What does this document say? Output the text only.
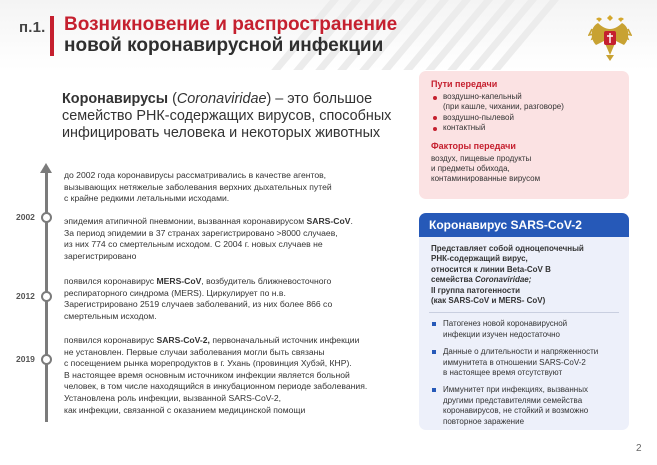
п.1. Возникновение и распространение
новой коронавирусной инфекции
Коронавирусы (Coronaviridae) – это большое семейство РНК-содержащих вирусов, способных инфицировать человека и некоторых животных
2002
2012
2019
до 2002 года коронавирусы рассматривались в качестве агентов,
вызывающих нетяжелые заболевания верхних дыхательных путей
с крайне редкими летальными исходами.
эпидемия атипичной пневмонии, вызванная коронавирусом SARS-CoV.
За период эпидемии в 37 странах зарегистрировано >8000 случаев,
из них 774 со смертельным исходом. С 2004 г. новых случаев не
зарегистрировано
появился коронавирус MERS-CoV, возбудитель ближневосточного
респираторного синдрома (MERS). Циркулирует по н.в.
Зарегистрировано 2519 случаев заболеваний, из них более 866 со
смертельным исходом.
появился коронавирус SARS-CoV-2, первоначальный источник инфекции
не установлен. Первые случаи заболевания могли быть связаны
с посещением рынка морепродуктов в г. Ухань (провинция Хубэй, КНР).
В настоящее время основным источником инфекции является больной
человек, в том числе находящийся в инкубационном периоде заболевания.
Установлена роль инфекции, вызванной SARS-CoV-2,
как инфекции, связанной с оказанием медицинской помощи
Пути передачи
воздушно-капельный
(при кашле, чихании, разговоре)
воздушно-пылевой
контактный
Факторы передачи
воздух, пищевые продукты
и предметы обихода,
контаминированные вирусом
Коронавирус SARS-CoV-2
Представляет собой одноцепочечный
РНК-содержащий вирус,
относится к линии Beta-CoV В
семейства Coronaviridae;
II группа патогенности
(как SARS-CoV и MERS- CoV)
Патогенез новой коронавирусной
инфекции изучен недостаточно
Данные о длительности и напряженности
иммунитета в отношении SARS-CoV-2
в настоящее время отсутствуют
Иммунитет при инфекциях, вызванных
другими представителями семейства
коронавирусов, не стойкий и возможно
повторное заражение
2
